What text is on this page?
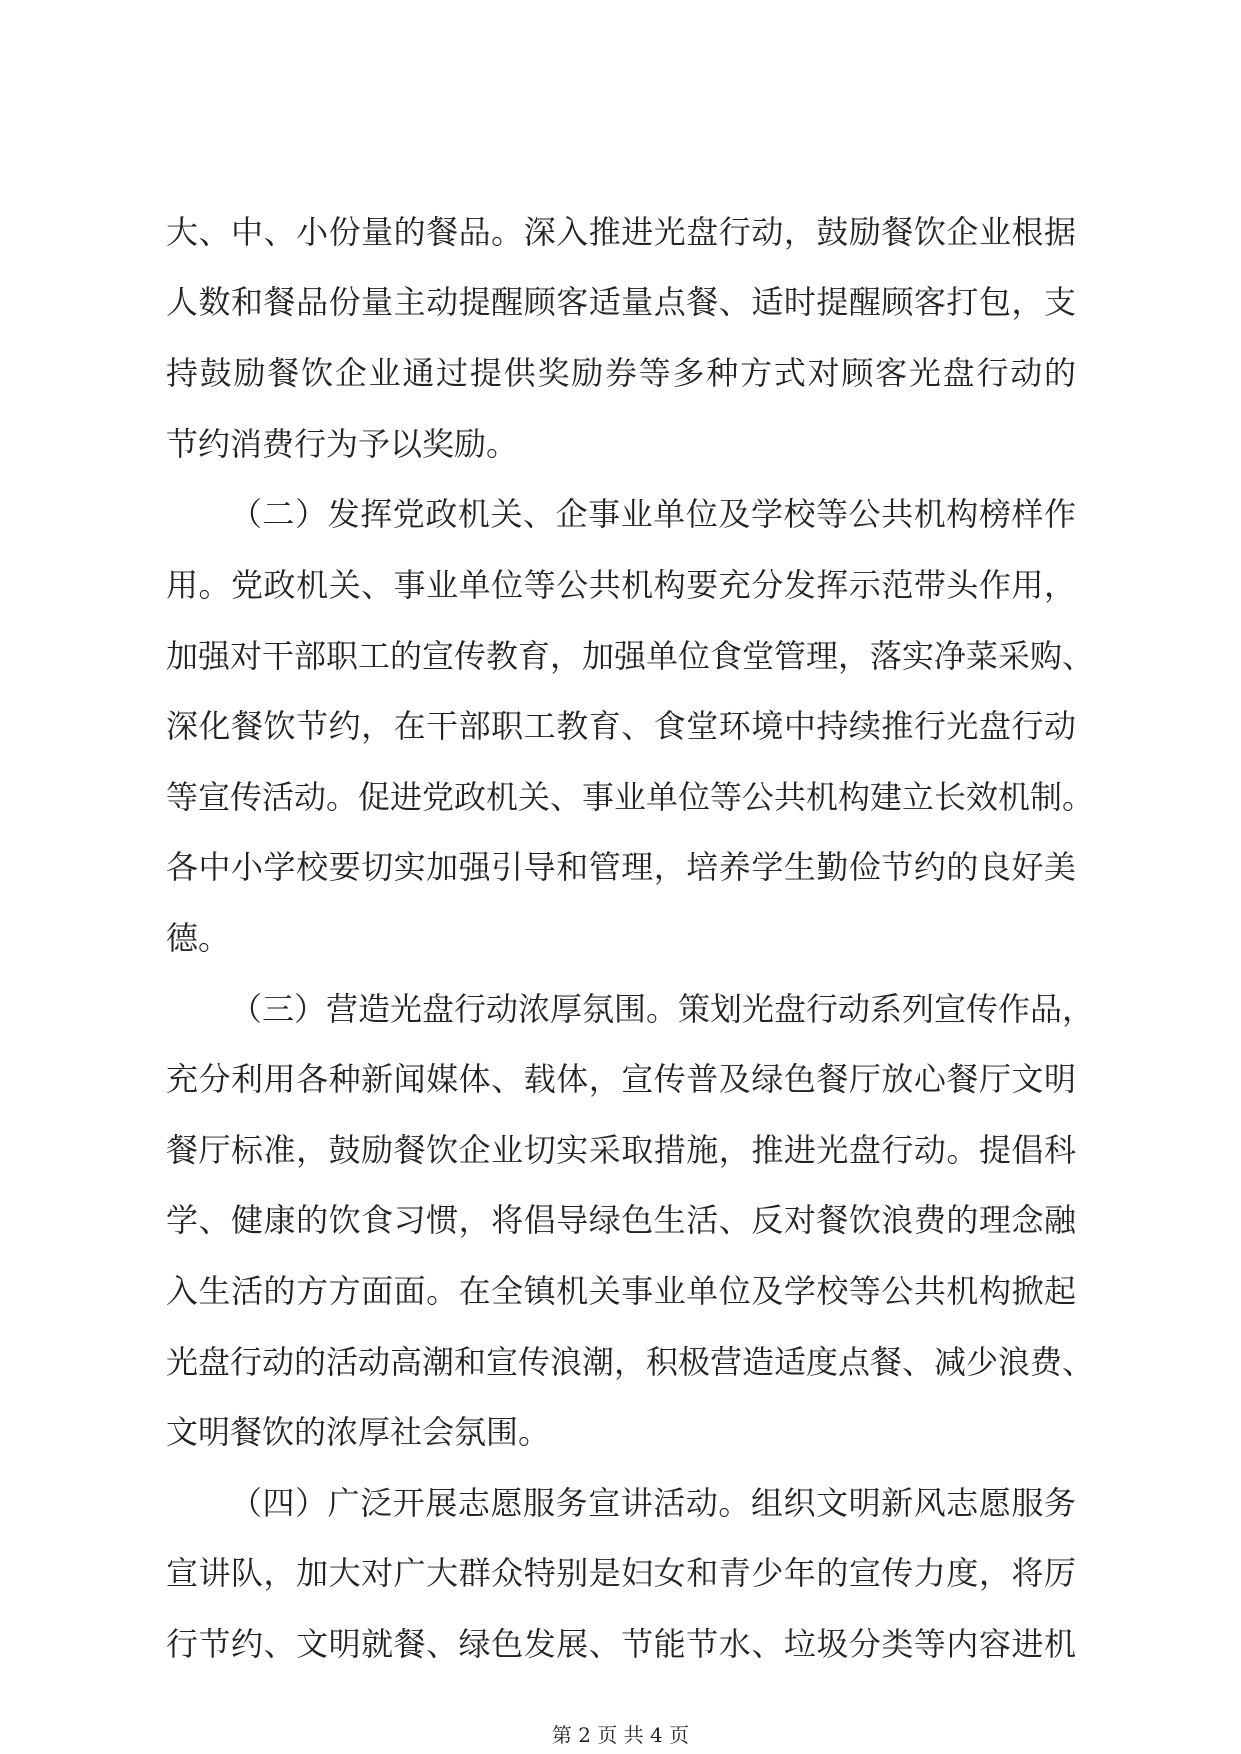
大、中、小份量的餐品。深入推进光盘行动，鼓励餐饮企业根据
人数和餐品份量主动提醒顾客适量点餐、适时提醒顾客打包，支
持鼓励餐饮企业通过提供奖励券等多种方式对顾客光盘行动的
节约消费行为予以奖励。
（二）发挥党政机关、企事业单位及学校等公共机构榜样作
用。党政机关、事业单位等公共机构要充分发挥示范带头作用，
加强对干部职工的宣传教育，加强单位食堂管理，落实净菜采购、
深化餐饮节约，在干部职工教育、食堂环境中持续推行光盘行动
等宣传活动。促进党政机关、事业单位等公共机构建立长效机制。
各中小学校要切实加强引导和管理，培养学生勤俭节约的良好美
德。
（三）营造光盘行动浓厚氛围。策划光盘行动系列宣传作品，
充分利用各种新闻媒体、载体，宣传普及绿色餐厅放心餐厅文明
餐厅标准，鼓励餐饮企业切实采取措施，推进光盘行动。提倡科
学、健康的饮食习惯，将倡导绿色生活、反对餐饮浪费的理念融
入生活的方方面面。在全镇机关事业单位及学校等公共机构掀起
光盘行动的活动高潮和宣传浪潮，积极营造适度点餐、减少浪费、
文明餐饮的浓厚社会氛围。
（四）广泛开展志愿服务宣讲活动。组织文明新风志愿服务
宣讲队，加大对广大群众特别是妇女和青少年的宣传力度，将厉
行节约、文明就餐、绿色发展、节能节水、垃圾分类等内容进机
第 2 页 共 4 页
